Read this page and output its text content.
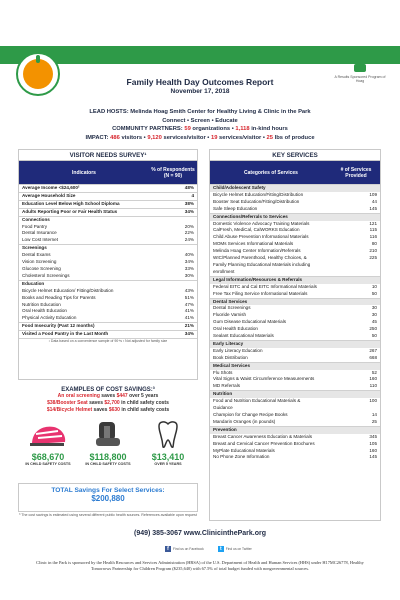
A Results Sponsored Program of Hoag
Family Health Day Outcomes Report
November 17, 2018
LEAD HOSTS: Melinda Hoag Smith Center for Healthy Living & Clinic in the Park
Connect • Screen • Educate
COMMUNITY PARTNERS: 59 organizations • 1,118 in-kind hours
IMPACT: 486 visitors • 9,120 services/visitor • 19 services/visitor • 25 lbs of produce
VISITOR NEEDS SURVEY¹
Indicators	% of Respondents (N = 90)
Average Income <$24,600²	48%
Average Household Size	4
Education Level Below High School Diploma	38%
Adults Reporting Poor or Fair Health Status	34%
Connections
Food Pantry	20%
Dental Insurance	22%
Low Cost Internet	24%
Screenings
Dental Exams	40%
Vision Screening	34%
Glucose Screening	33%
Cholesterol Screenings	30%
Education
Bicycle Helmet Education/ Fitting/Distribution	43%
Books and Reading Tips for Parents	51%
Nutrition Education	47%
Oral Health Education	41%
Physical Activity Education	41%
Food Insecurity (Past 12 months)	21%
Visited a Food Pantry in the Last Month	34%
¹ Data based on a convenience sample of 90+s ² Not adjusted for family size
EXAMPLES OF COST SAVINGS:³
An oral screening saves $447 over 5 years
$38/Booster Seat saves $2,700 in child safety costs
$14/Bicycle Helmet saves $630 in child safety costs
$68,670
IN CHILD SAFETY COSTS
$118,800
IN CHILD SAFETY COSTS
$13,410
OVER 5 YEARS
TOTAL Savings For Select Services:
$200,880
³ The cost savings is estimated using several different public health sources. References available upon request
KEY SERVICES
Categories of Services	# of Services Provided
Child/Adolescent Safety
Bicycle Helmet Education/Fitting/Distribution	109
Booster Seat Education/Fitting/Distribution	44
Safe Sleep Education	145
Connections/Referrals to Services
Domestic Violence Advocacy Training Materials	121
CalFresh, MediCal, CalWORKS Education	115
Child Abuse Prevention Informational Materials	116
MOMs Services Informational Materials	80
Melinda Hoag Center Information/Referrals	210
WIC/Planned Parenthood, Healthy Choices, &	225
Family Planning Educational Materials including
enrollment
Legal Information/Resources & Referrals
Federal EITC and Cal EITC Informational Materials	10
Free Tax Filing Service Informational Materials	50
Dental Services
Dental Screenings	30
Fluoride Varnish	30
Gum Disease Educational Materials	45
Oral Health Education	250
Sealant Educational Materials	50
Early Literacy
Early Literacy Education	267
Book Distribution	668
Medical Services
Flu Shots	52
Vital Signs & Waist Circumference Measurements	160
MD Referrals	110
Nutrition
Food and Nutrition Educational Materials &	100
Guidance
Champion for Change Recipe Books	14
Mandarin Oranges (in pounds)	25
Prevention
Breast Cancer Awareness Education & Materials	345
Breast and Cervical Cancer Prevention Brochures	105
MyPlate Educational Materials	160
No Phone Zone Information	145
(949) 385-3067 www.ClinicinthePark.org
f	Find us on Facebook	t	Find us on Twitter
Clinic in the Park is sponsored by the Health Resources and Services Administration (HRSA) of the U.S. Department of Health and Human Services (HHS) under H17MC26778, Healthy Tomorrows Partnership for Children Program ($235,640) with 67.5% of total budget funded with nongovernmental sources.
